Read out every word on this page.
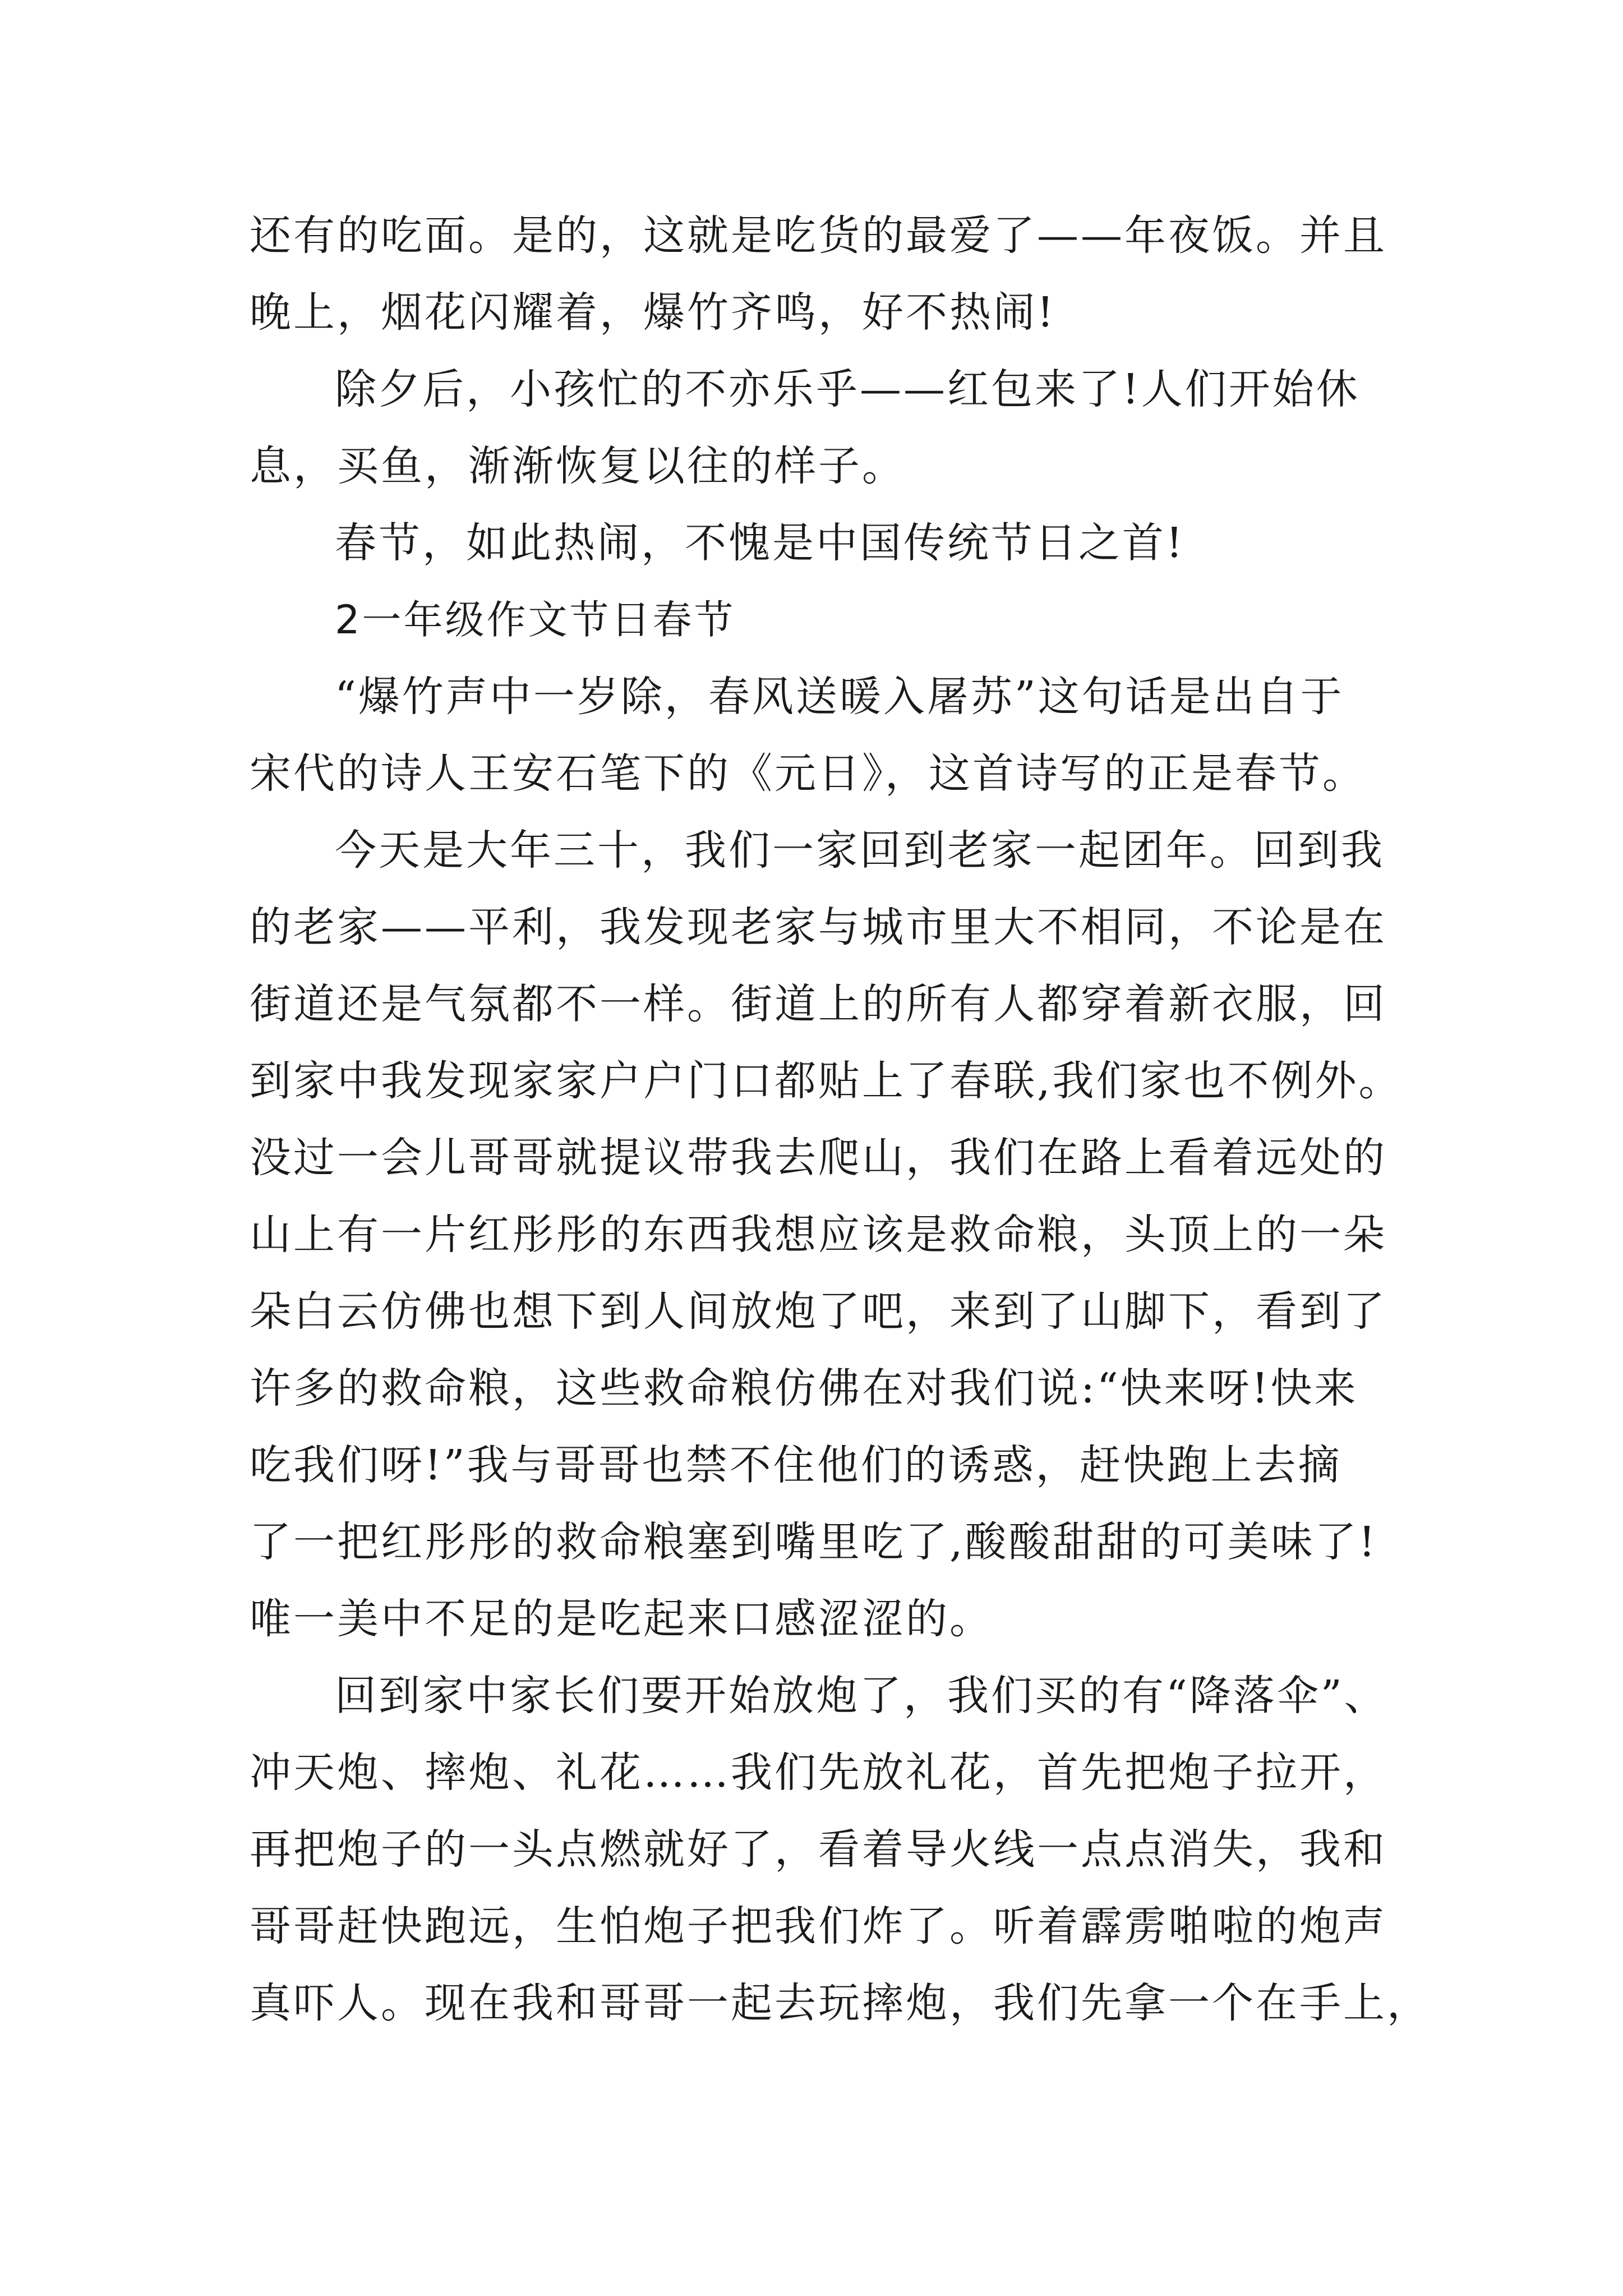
还有的吃面。是的，这就是吃货的最爱了——年夜饭。并且
晚上，烟花闪耀着，爆竹齐鸣，好不热闹!
除夕后，小孩忙的不亦乐乎——红包来了!人们开始休
息，买鱼，渐渐恢复以往的样子。
春节，如此热闹，不愧是中国传统节日之首!
2一年级作文节日春节
“爆竹声中一岁除，春风送暖入屠苏”这句话是出自于
宋代的诗人王安石笔下的《元日》，这首诗写的正是春节。
今天是大年三十，我们一家回到老家一起团年。回到我
的老家——平利，我发现老家与城市里大不相同，不论是在
街道还是气氛都不一样。街道上的所有人都穿着新衣服，回
到家中我发现家家户户门口都贴上了春联,我们家也不例外。
没过一会儿哥哥就提议带我去爬山，我们在路上看着远处的
山上有一片红彤彤的东西我想应该是救命粮，头顶上的一朵
朵白云仿佛也想下到人间放炮了吧，来到了山脚下，看到了
许多的救命粮，这些救命粮仿佛在对我们说:“快来呀!快来
吃我们呀!”我与哥哥也禁不住他们的诱惑，赶快跑上去摘
了一把红彤彤的救命粮塞到嘴里吃了,酸酸甜甜的可美味了!
唯一美中不足的是吃起来口感涩涩的。
回到家中家长们要开始放炮了，我们买的有“降落伞”、
冲天炮、摔炮、礼花……我们先放礼花，首先把炮子拉开，
再把炮子的一头点燃就好了，看着导火线一点点消失，我和
哥哥赶快跑远，生怕炮子把我们炸了。听着霹雳啪啦的炮声
真吓人。现在我和哥哥一起去玩摔炮，我们先拿一个在手上，
